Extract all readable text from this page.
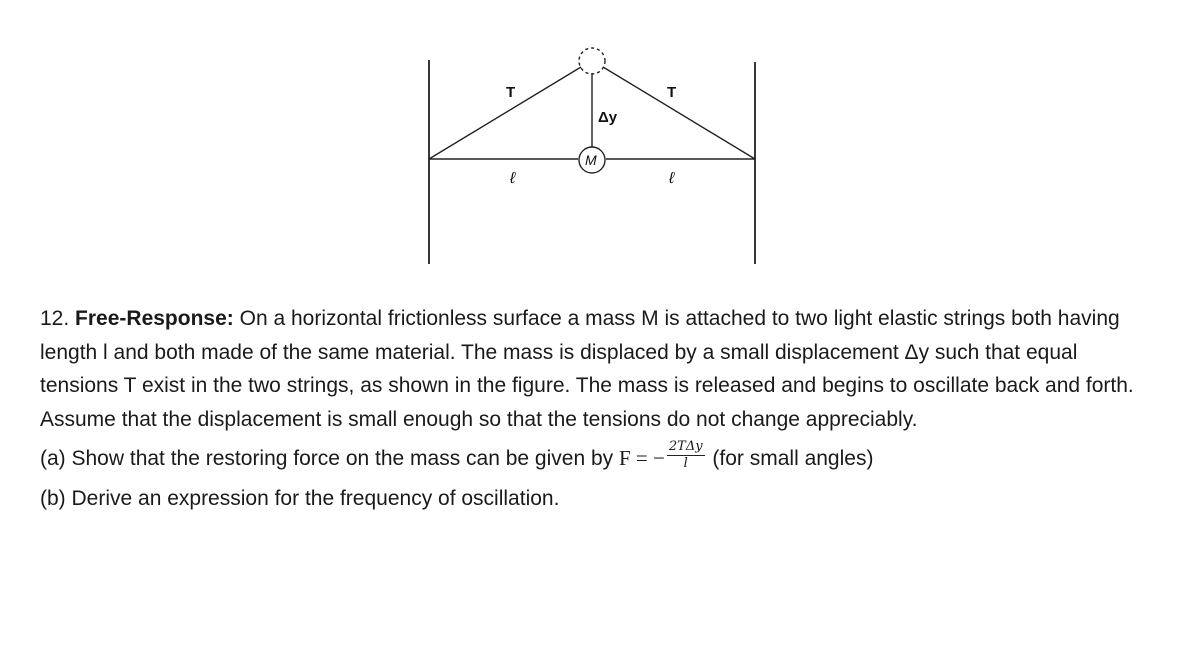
T	T
Δy
M
ℓ	ℓ

12. Free-Response: On a horizontal frictionless surface a mass M is attached to two light elastic strings both having length l and both made of the same material. The mass is displaced by a small displacement Δy such that equal tensions T exist in the two strings, as shown in the figure. The mass is released and begins to oscillate back and forth. Assume that the displacement is small enough so that the tensions do not change appreciably.

(a) Show that the restoring force on the mass can be given by F = − $\frac{\text{2TΔy}}{l} (for$ small angles)

(b) Derive an expression for the frequency of oscillation.
